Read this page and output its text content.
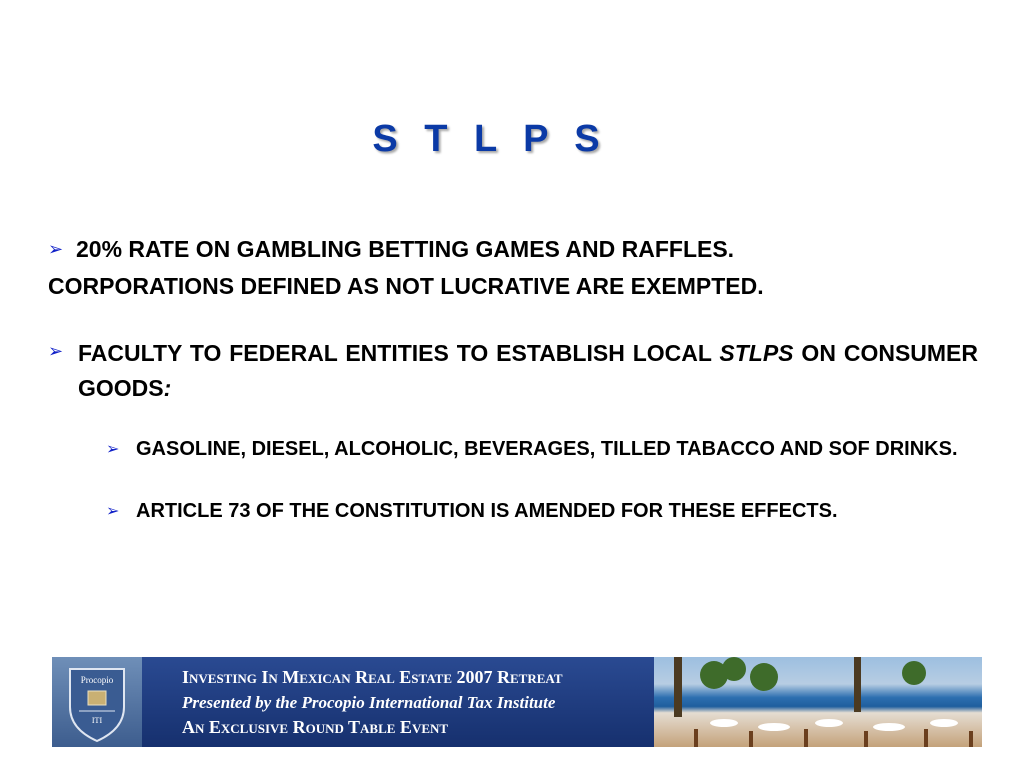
S T L P S

➢ 20% RATE ON GAMBLING BETTING GAMES AND RAFFLES.
CORPORATIONS DEFINED AS NOT LUCRATIVE ARE EXEMPTED.

➢ FACULTY TO FEDERAL ENTITIES TO ESTABLISH LOCAL STLPS ON CONSUMER GOODS:
➢ GASOLINE, DIESEL, ALCOHOLIC, BEVERAGES, TILLED TABACCO AND SOF DRINKS.
➢ ARTICLE 73 OF THE CONSTITUTION IS AMENDED FOR THESE EFFECTS.
Procopio
ITI
Investing In Mexican Real Estate 2007 Retreat
Presented by the Procopio International Tax Institute
An Exclusive Round Table Event
